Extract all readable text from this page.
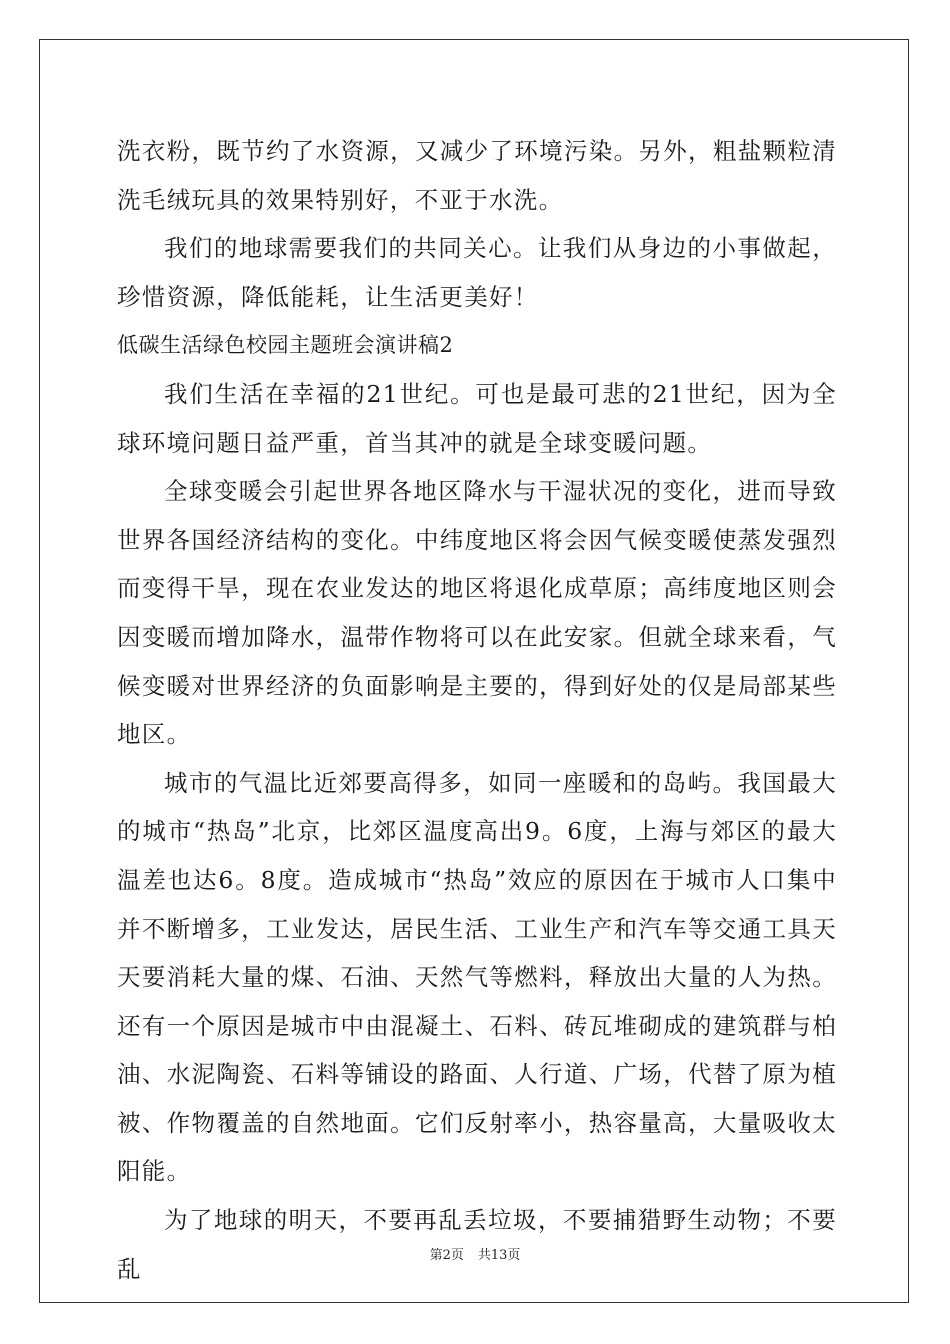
洗衣粉，既节约了水资源，又减少了环境污染。另外，粗盐颗粒清洗毛绒玩具的效果特别好，不亚于水洗。

我们的地球需要我们的共同关心。让我们从身边的小事做起，珍惜资源，降低能耗，让生活更美好！

低碳生活绿色校园主题班会演讲稿2

我们生活在幸福的21世纪。可也是最可悲的21世纪，因为全球环境问题日益严重，首当其冲的就是全球变暖问题。

全球变暖会引起世界各地区降水与干湿状况的变化，进而导致世界各国经济结构的变化。中纬度地区将会因气候变暖使蒸发强烈而变得干旱，现在农业发达的地区将退化成草原；高纬度地区则会因变暖而增加降水，温带作物将可以在此安家。但就全球来看，气候变暖对世界经济的负面影响是主要的，得到好处的仅是局部某些地区。

城市的气温比近郊要高得多，如同一座暖和的岛屿。我国最大的城市“热岛”北京，比郊区温度高出9。6度，上海与郊区的最大温差也达6。8度。造成城市“热岛”效应的原因在于城市人口集中并不断增多，工业发达，居民生活、工业生产和汽车等交通工具天天要消耗大量的煤、石油、天然气等燃料，释放出大量的人为热。还有一个原因是城市中由混凝土、石料、砖瓦堆砌成的建筑群与柏油、水泥陶瓷、石料等铺设的路面、人行道、广场，代替了原为植被、作物覆盖的自然地面。它们反射率小，热容量高，大量吸收太阳能。

为了地球的明天，不要再乱丢垃圾，不要捕猎野生动物；不要乱	第2页 共13页
